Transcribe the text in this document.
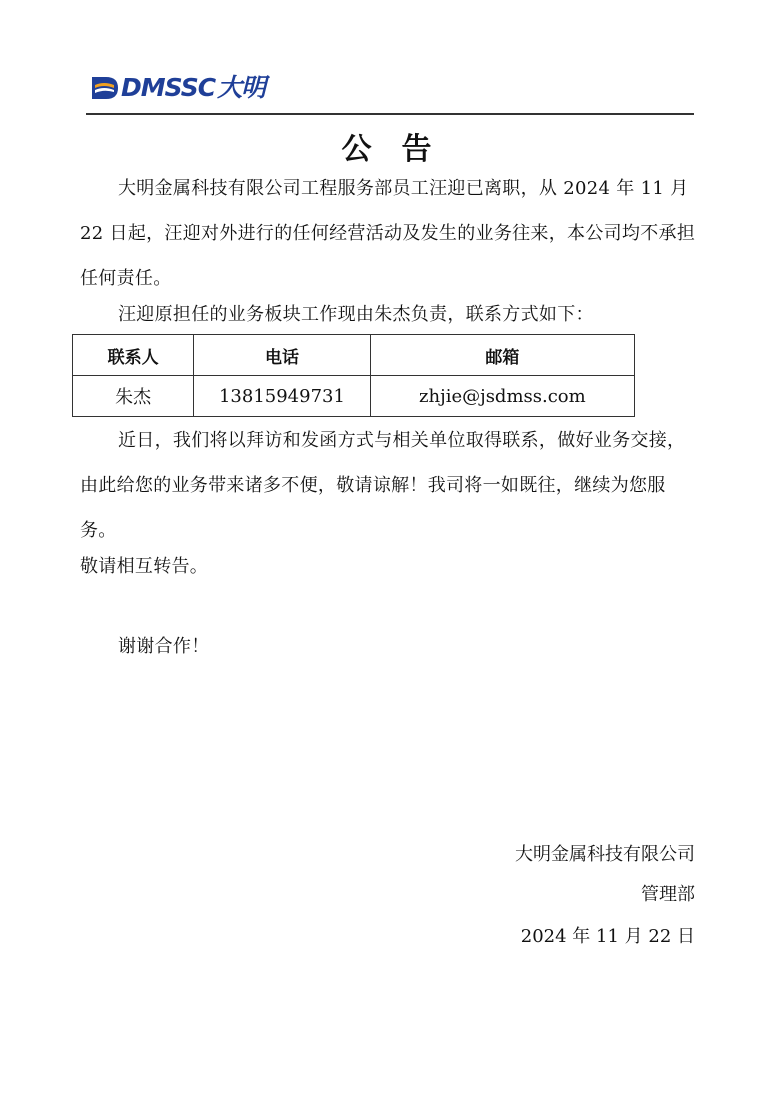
DMSSC大明
公告
大明金属科技有限公司工程服务部员工汪迎已离职，从 2024 年 11 月 22 日起，汪迎对外进行的任何经营活动及发生的业务往来，本公司均不承担任何责任。
汪迎原担任的业务板块工作现由朱杰负责，联系方式如下：
联系人	电话	邮箱
朱杰	13815949731	zhjie@jsdmss.com
近日，我们将以拜访和发函方式与相关单位取得联系，做好业务交接，由此给您的业务带来诸多不便，敬请谅解！我司将一如既往，继续为您服务。
敬请相互转告。
谢谢合作！
大明金属科技有限公司
管理部
2024 年 11 月 22 日
